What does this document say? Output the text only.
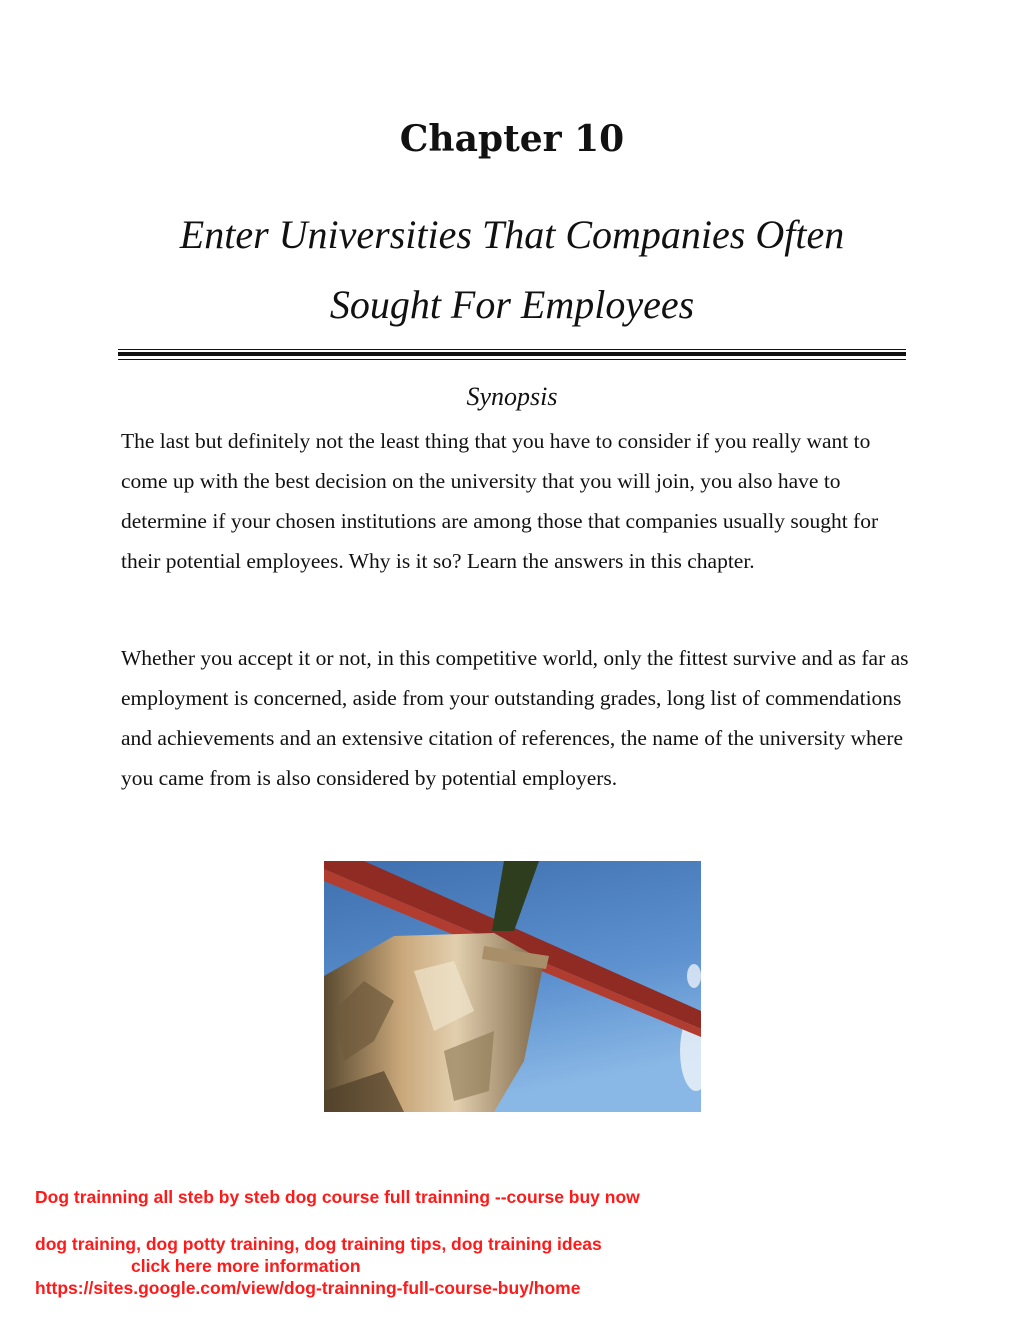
Chapter 10
Enter Universities That Companies Often
Sought For Employees
Synopsis

The last but definitely not the least thing that you have to consider if you really want to come up with the best decision on the university that you will join, you also have to determine if your chosen institutions are among those that companies usually sought for their potential employees. Why is it so? Learn the answers in this chapter.

Whether you accept it or not, in this competitive world, only the fittest survive and as far as employment is concerned, aside from your outstanding grades, long list of commendations and achievements and an extensive citation of references, the name of the university where you came from is also considered by potential employers.

Dog trainning all steb by steb dog course full trainning --course buy now
dog training, dog potty training, dog training tips, dog training ideas
click here more information
https://sites.google.com/view/dog-trainning-full-course-buy/home
